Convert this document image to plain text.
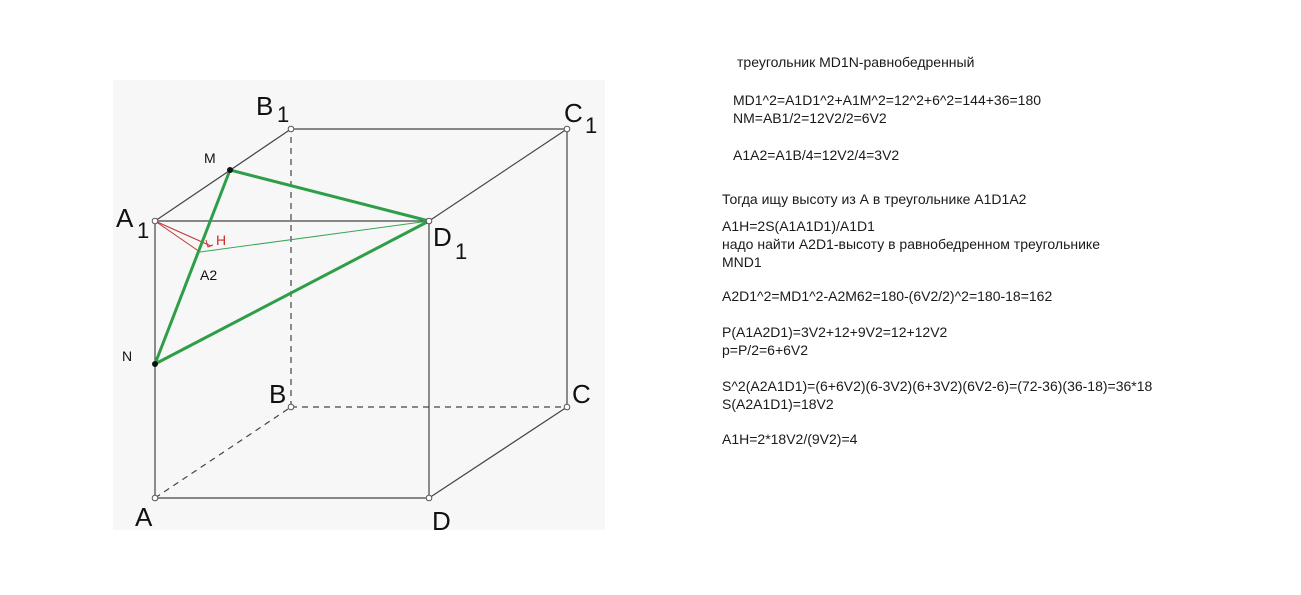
A 1
B 1	C 1
D 1
A
B	C
D
M
N
H
A2
треугольник MD1N-равнобедренный
MD1^2=A1D1^2+A1M^2=12^2+6^2=144+36=180
NM=AB1/2=12V2/2=6V2
A1A2=A1B/4=12V2/4=3V2
Тогда ищу высоту из А в треугольнике A1D1A2
A1H=2S(A1A1D1)/A1D1
надо найти A2D1-высоту в равнобедренном треугольнике
MND1
A2D1^2=MD1^2-A2M62=180-(6V2/2)^2=180-18=162
P(A1A2D1)=3V2+12+9V2=12+12V2
p=P/2=6+6V2
S^2(A2A1D1)=(6+6V2)(6-3V2)(6+3V2)(6V2-6)=(72-36)(36-18)=36*18
S(A2A1D1)=18V2
A1H=2*18V2/(9V2)=4
